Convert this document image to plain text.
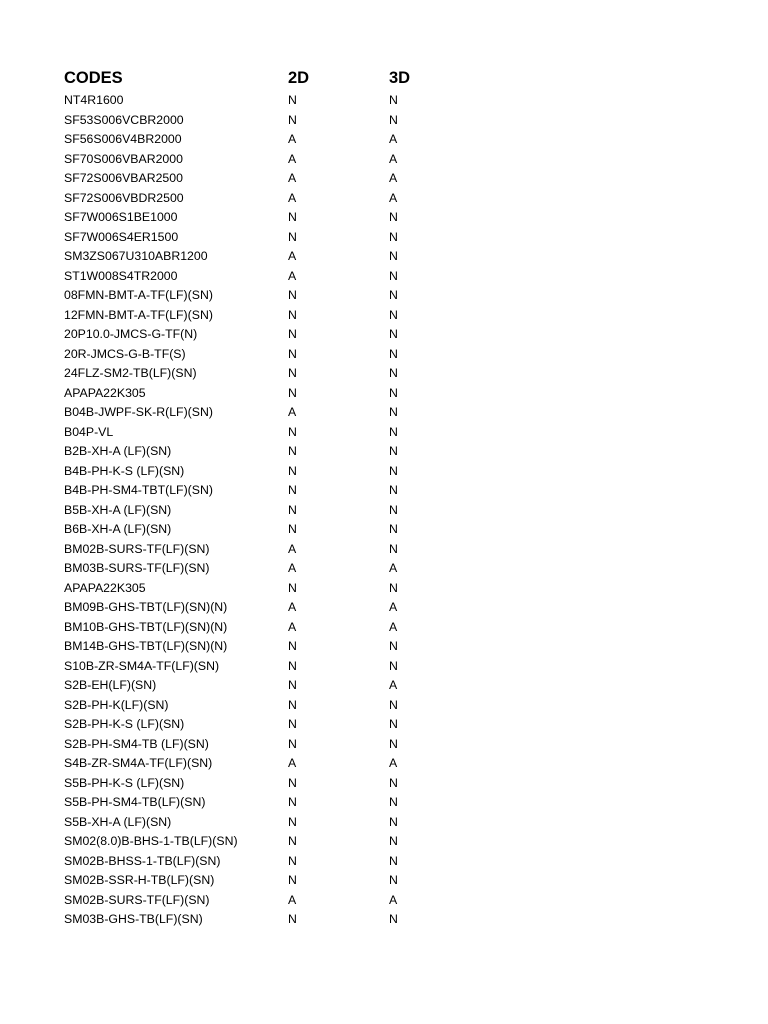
CODES	2D	3D
NT4R1600	N	N
SF53S006VCBR2000	N	N
SF56S006V4BR2000	A	A
SF70S006VBAR2000	A	A
SF72S006VBAR2500	A	A
SF72S006VBDR2500	A	A
SF7W006S1BE1000	N	N
SF7W006S4ER1500	N	N
SM3ZS067U310ABR1200	A	N
ST1W008S4TR2000	A	N
08FMN-BMT-A-TF(LF)(SN)	N	N
12FMN-BMT-A-TF(LF)(SN)	N	N
20P10.0-JMCS-G-TF(N)	N	N
20R-JMCS-G-B-TF(S)	N	N
24FLZ-SM2-TB(LF)(SN)	N	N
APAPA22K305	N	N
B04B-JWPF-SK-R(LF)(SN)	A	N
B04P-VL	N	N
B2B-XH-A (LF)(SN)	N	N
B4B-PH-K-S (LF)(SN)	N	N
B4B-PH-SM4-TBT(LF)(SN)	N	N
B5B-XH-A (LF)(SN)	N	N
B6B-XH-A (LF)(SN)	N	N
BM02B-SURS-TF(LF)(SN)	A	N
BM03B-SURS-TF(LF)(SN)	A	A
APAPA22K305	N	N
BM09B-GHS-TBT(LF)(SN)(N)	A	A
BM10B-GHS-TBT(LF)(SN)(N)	A	A
BM14B-GHS-TBT(LF)(SN)(N)	N	N
S10B-ZR-SM4A-TF(LF)(SN)	N	N
S2B-EH(LF)(SN)	N	A
S2B-PH-K(LF)(SN)	N	N
S2B-PH-K-S (LF)(SN)	N	N
S2B-PH-SM4-TB (LF)(SN)	N	N
S4B-ZR-SM4A-TF(LF)(SN)	A	A
S5B-PH-K-S (LF)(SN)	N	N
S5B-PH-SM4-TB(LF)(SN)	N	N
S5B-XH-A (LF)(SN)	N	N
SM02(8.0)B-BHS-1-TB(LF)(SN)	N	N
SM02B-BHSS-1-TB(LF)(SN)	N	N
SM02B-SSR-H-TB(LF)(SN)	N	N
SM02B-SURS-TF(LF)(SN)	A	A
SM03B-GHS-TB(LF)(SN)	N	N
